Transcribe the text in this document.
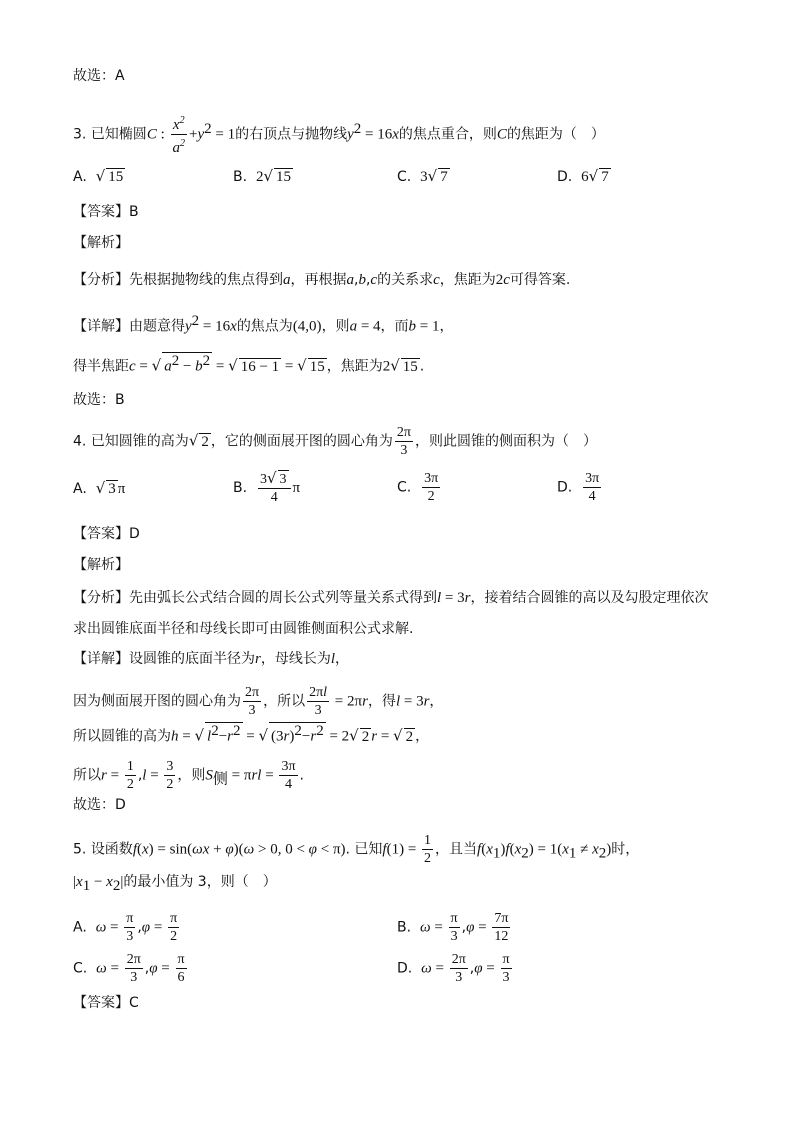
故选：A
3. 已知椭圆C : $\frac{x^2}{a^2} +y^2 = 1$的右顶点与抛物线$y^2 = 16x$的焦点重合，则C的焦距为（　）
A. √ 15	B. 2√ 15	C. 3√ 7	D. 6√ 7
【答案】B
【解析】
【分析】先根据抛物线的焦点得到a，再根据a,b,c的关系求c，焦距为2c可得答案.
【详解】由题意得$y^2 = 16x$的焦点为(4,0)，则a = 4，而b = 1，
得半焦距c = √ $a^2 - b^2$ = √ 16 − 1 = √ 15 ，焦距为2√ 15 .
故选：B
4. 已知圆锥的高为√ 2 ，它的侧面展开图的圆心角为 $\frac{2\pi}{3}$ ，则此圆锥的侧面积为（　）
A. √ 3 π	B. $\frac{3√ 3}{4}$ π	C. $\frac{3\pi}{2}$	D. $\frac{3\pi}{4}$
【答案】D
【解析】
【分析】先由弧长公式结合圆的周长公式列等量关系式得到l = 3r，接着结合圆锥的高以及勾股定理依次
求出圆锥底面半径和母线长即可由圆锥侧面积公式求解.
【详解】设圆锥的底面半径为r，母线长为l，
因为侧面展开图的圆心角为 $\frac{2\pi}{3}$ ，所以 $\frac{2\pi l}{3} = 2\pi r$，得l = 3r，
所以圆锥的高为h = √ $l^2-r^2$ = √ $(3r)^2-r^2 = 2√$ 2 r = √ 2 ，
所以$r = \frac{1}{2} ,l = \frac{3}{2}$ ，则$S_侧 = \pi rl = \frac{3\pi}{4}$ .
故选：D
5. 设函数f(x) = sin(ωx + φ)(ω > 0, 0 < φ < π). 已知$f(1) = \frac{1}{2}$ ，且当$f(x_1)f(x_2) = 1(x_1 \ne x_2)$时，
$|x_1 - x_2|$的最小值为 3，则（　）
A. $\omega = \frac{\pi}{3} ,\varphi = \frac{\pi}{2}$	B. $\omega = \frac{\pi}{3} ,\varphi = \frac{7\pi}{12}$
C. $\omega = \frac{2\pi}{3} ,\varphi = \frac{\pi}{6}$	D. $\omega = \frac{2\pi}{3} ,\varphi = \frac{\pi}{3}$
【答案】C
